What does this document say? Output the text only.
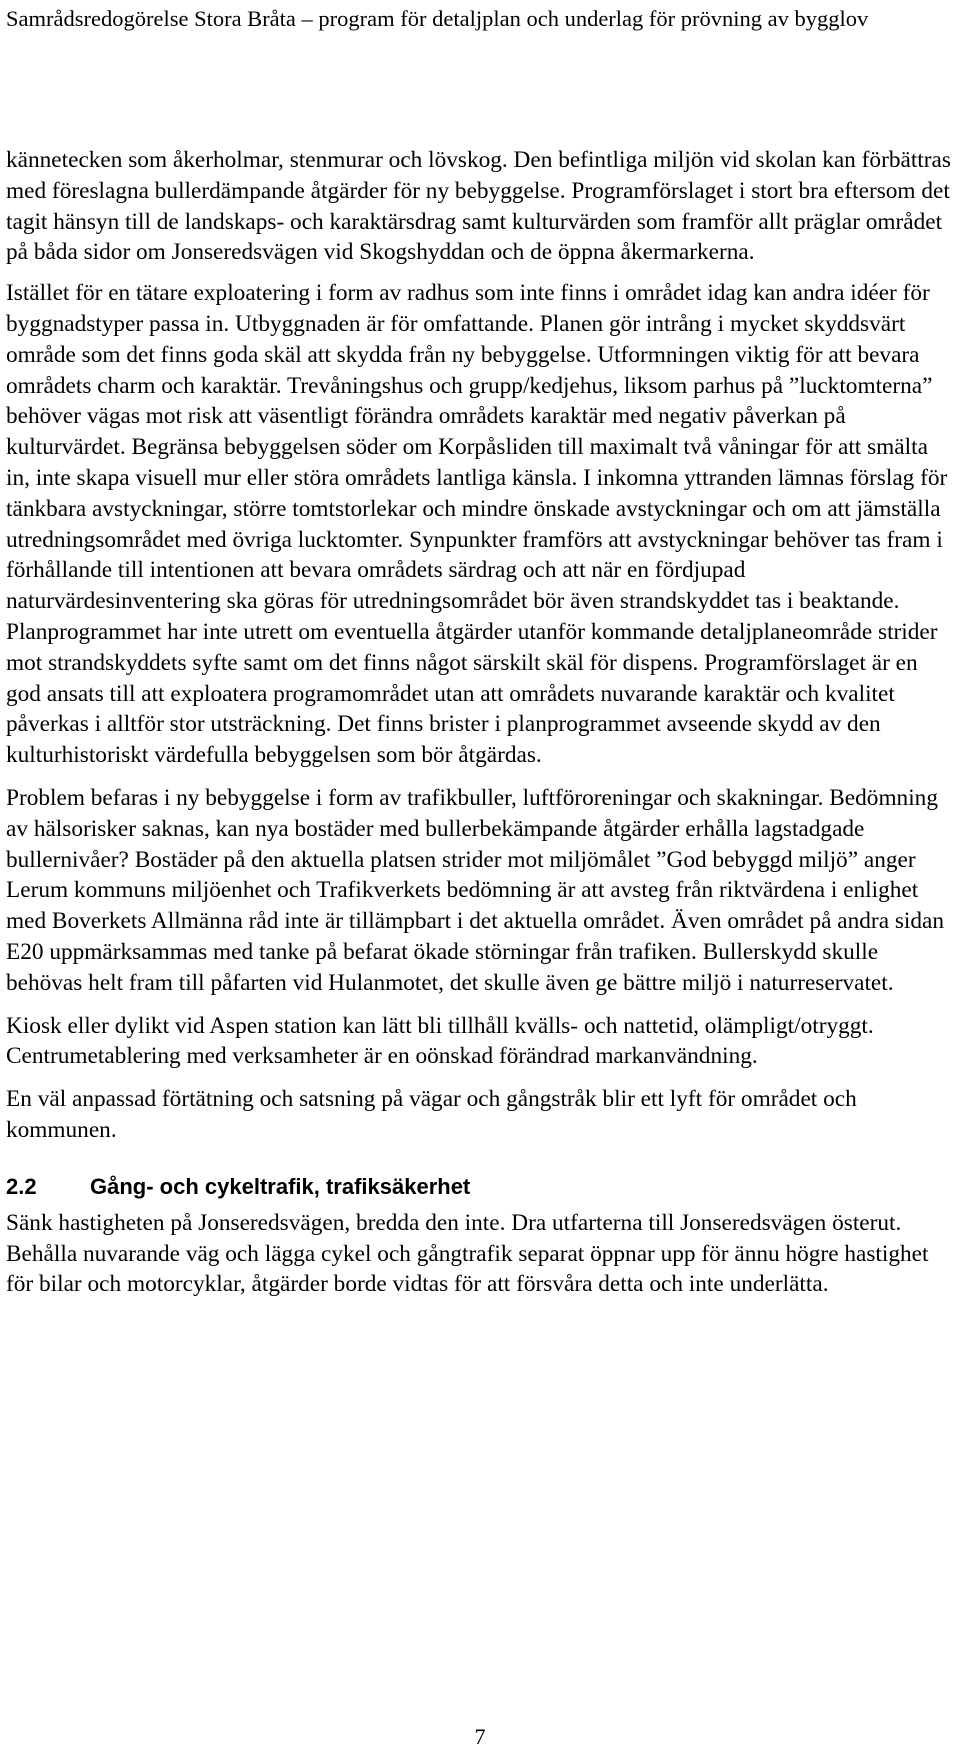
Samrådsredogörelse Stora Bråta – program för detaljplan och underlag för prövning av bygglov

kännetecken som åkerholmar, stenmurar och lövskog. Den befintliga miljön vid skolan kan förbättras med föreslagna bullerdämpande åtgärder för ny bebyggelse. Programförslaget i stort bra eftersom det tagit hänsyn till de landskaps- och karaktärsdrag samt kulturvärden som framför allt präglar området på båda sidor om Jonseredsvägen vid Skogshyddan och de öppna åkermarkerna.

Istället för en tätare exploatering i form av radhus som inte finns i området idag kan andra idéer för byggnadstyper passa in. Utbyggnaden är för omfattande. Planen gör intrång i mycket skyddsvärt område som det finns goda skäl att skydda från ny bebyggelse. Utformningen viktig för att bevara områdets charm och karaktär. Trevåningshus och grupp/kedjehus, liksom parhus på ”lucktomterna” behöver vägas mot risk att väsentligt förändra områdets karaktär med negativ påverkan på kulturvärdet. Begränsa bebyggelsen söder om Korpåsliden till maximalt två våningar för att smälta in, inte skapa visuell mur eller störa områdets lantliga känsla. I inkomna yttranden lämnas förslag för tänkbara avstyckningar, större tomtstorlekar och mindre önskade avstyckningar och om att jämställa utredningsområdet med övriga lucktomter. Synpunkter framförs att avstyckningar behöver tas fram i förhållande till intentionen att bevara områdets särdrag och att när en fördjupad naturvärdesinventering ska göras för utredningsområdet bör även strandskyddet tas i beaktande. Planprogrammet har inte utrett om eventuella åtgärder utanför kommande detaljplaneområde strider mot strandskyddets syfte samt om det finns något särskilt skäl för dispens. Programförslaget är en god ansats till att exploatera programområdet utan att områdets nuvarande karaktär och kvalitet påverkas i alltför stor utsträckning. Det finns brister i planprogrammet avseende skydd av den kulturhistoriskt värdefulla bebyggelsen som bör åtgärdas.

Problem befaras i ny bebyggelse i form av trafikbuller, luftföroreningar och skakningar. Bedömning av hälsorisker saknas, kan nya bostäder med bullerbekämpande åtgärder erhålla lagstadgade bullernivåer? Bostäder på den aktuella platsen strider mot miljömålet ”God bebyggd miljö” anger Lerum kommuns miljöenhet och Trafikverkets bedömning är att avsteg från riktvärdena i enlighet med Boverkets Allmänna råd inte är tillämpbart i det aktuella området. Även området på andra sidan E20 uppmärksammas med tanke på befarat ökade störningar från trafiken. Bullerskydd skulle behövas helt fram till påfarten vid Hulanmotet, det skulle även ge bättre miljö i naturreservatet.

Kiosk eller dylikt vid Aspen station kan lätt bli tillhåll kvälls- och nattetid, olämpligt/otryggt. Centrumetablering med verksamheter är en oönskad förändrad markanvändning.

En väl anpassad förtätning och satsning på vägar och gångstråk blir ett lyft för området och kommunen.

2.2	Gång- och cykeltrafik, trafiksäkerhet

Sänk hastigheten på Jonseredsvägen, bredda den inte. Dra utfarterna till Jonseredsvägen österut. Behålla nuvarande väg och lägga cykel och gångtrafik separat öppnar upp för ännu högre hastighet för bilar och motorcyklar, åtgärder borde vidtas för att försvåra detta och inte underlätta.

7
